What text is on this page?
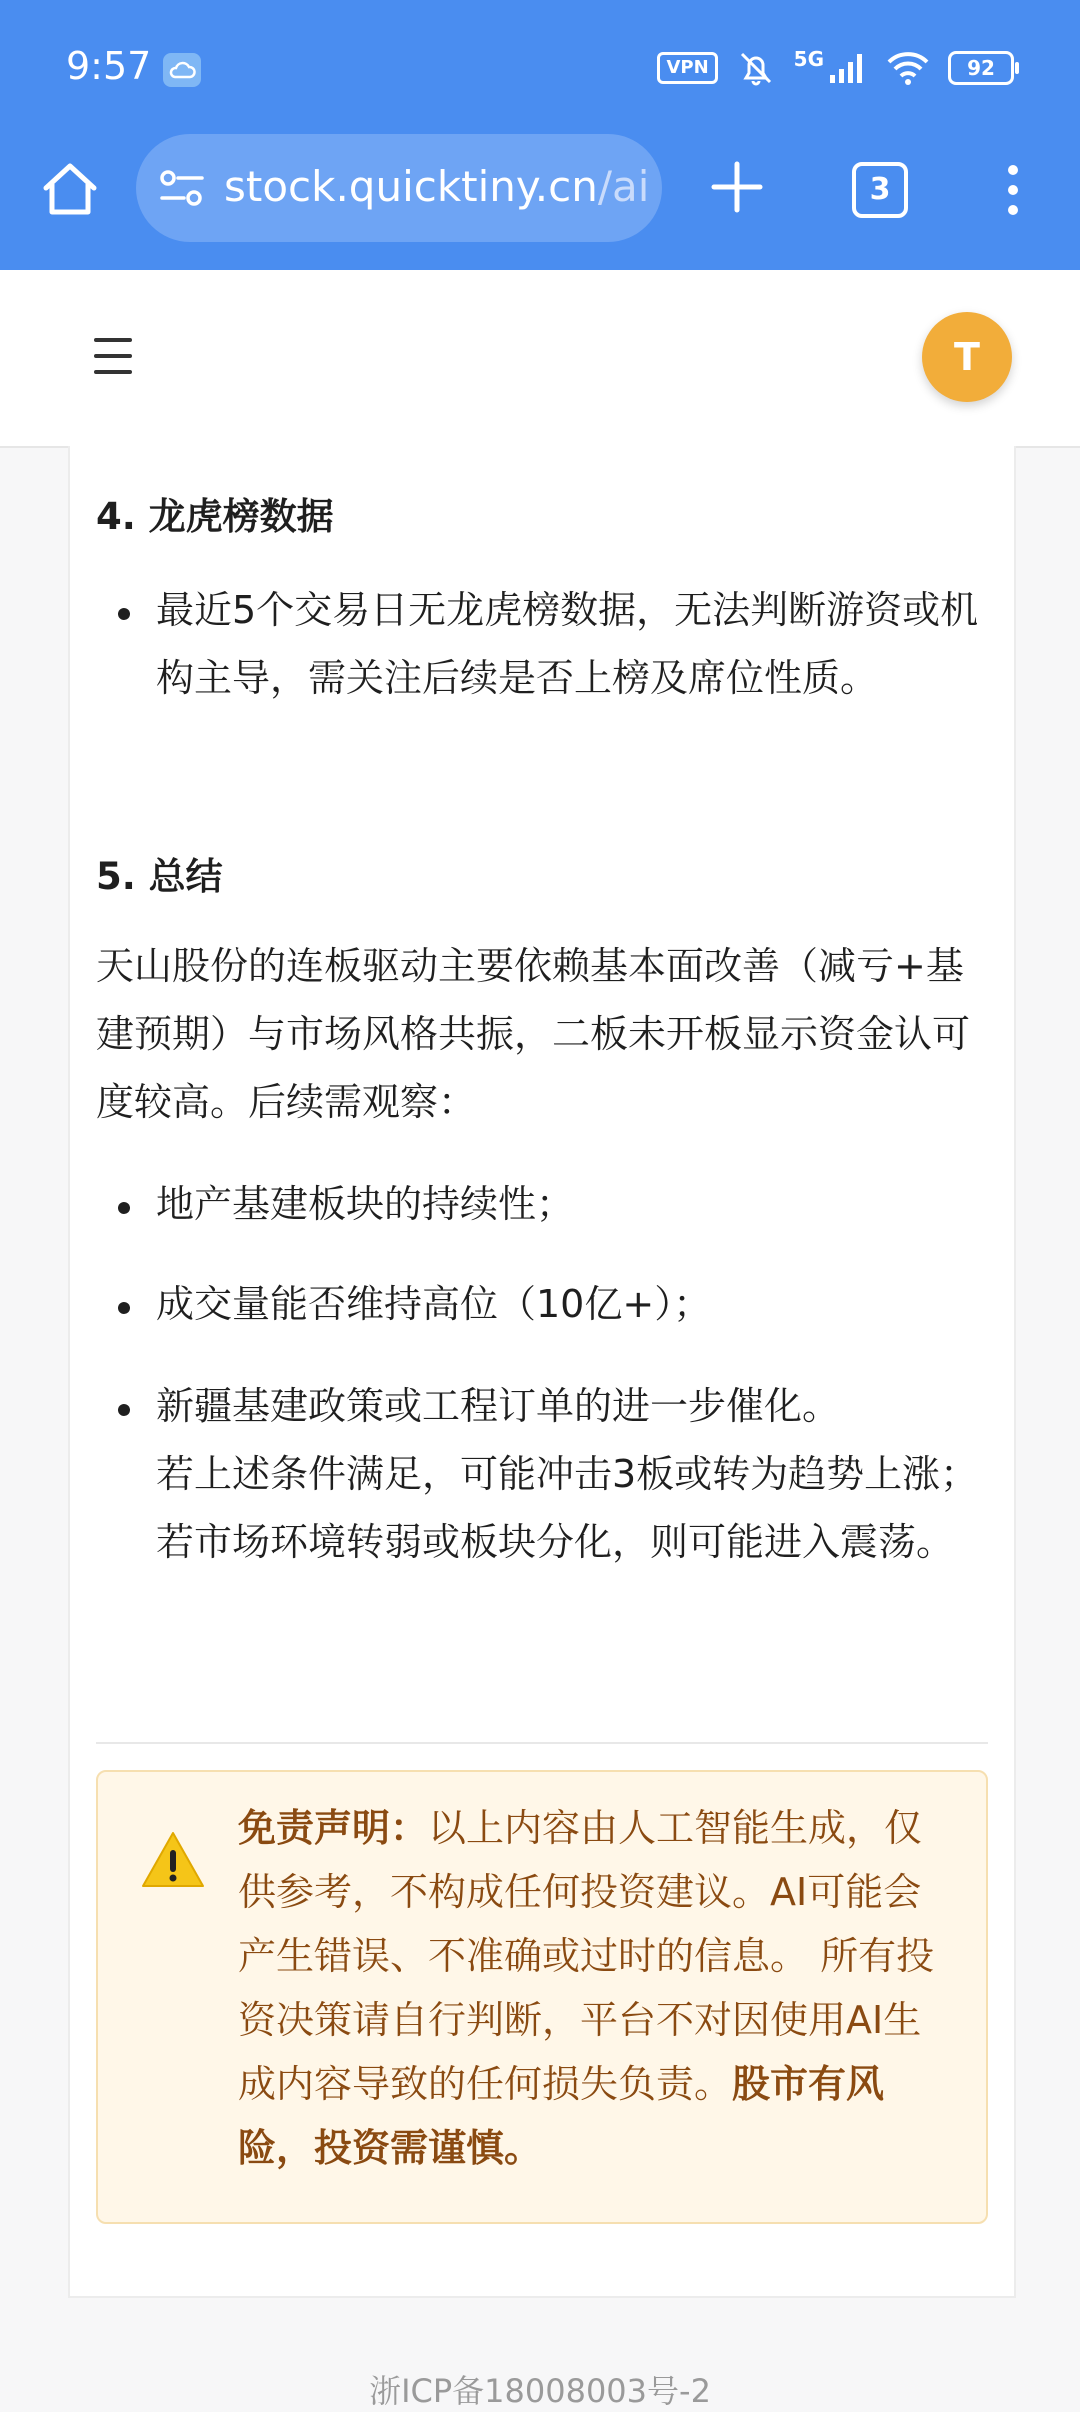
9:57	VPN	5G	92
stock.quicktiny.cn/ai	3
T
4. 龙虎榜数据
最近5个交易日无龙虎榜数据，无法判断游资或机构主导，需关注后续是否上榜及席位性质。
5. 总结
天山股份的连板驱动主要依赖基本面改善（减亏+基建预期）与市场风格共振，二板未开板显示资金认可度较高。后续需观察：
地产基建板块的持续性；
成交量能否维持高位（10亿+）；
新疆基建政策或工程订单的进一步催化。
若上述条件满足，可能冲击3板或转为趋势上涨；若市场环境转弱或板块分化，则可能进入震荡。
免责声明：以上内容由人工智能生成，仅供参考，不构成任何投资建议。AI可能会产生错误、不准确或过时的信息。 所有投资决策请自行判断，平台不对因使用AI生成内容导致的任何损失负责。股市有风险，投资需谨慎。
浙ICP备18008003号-2
